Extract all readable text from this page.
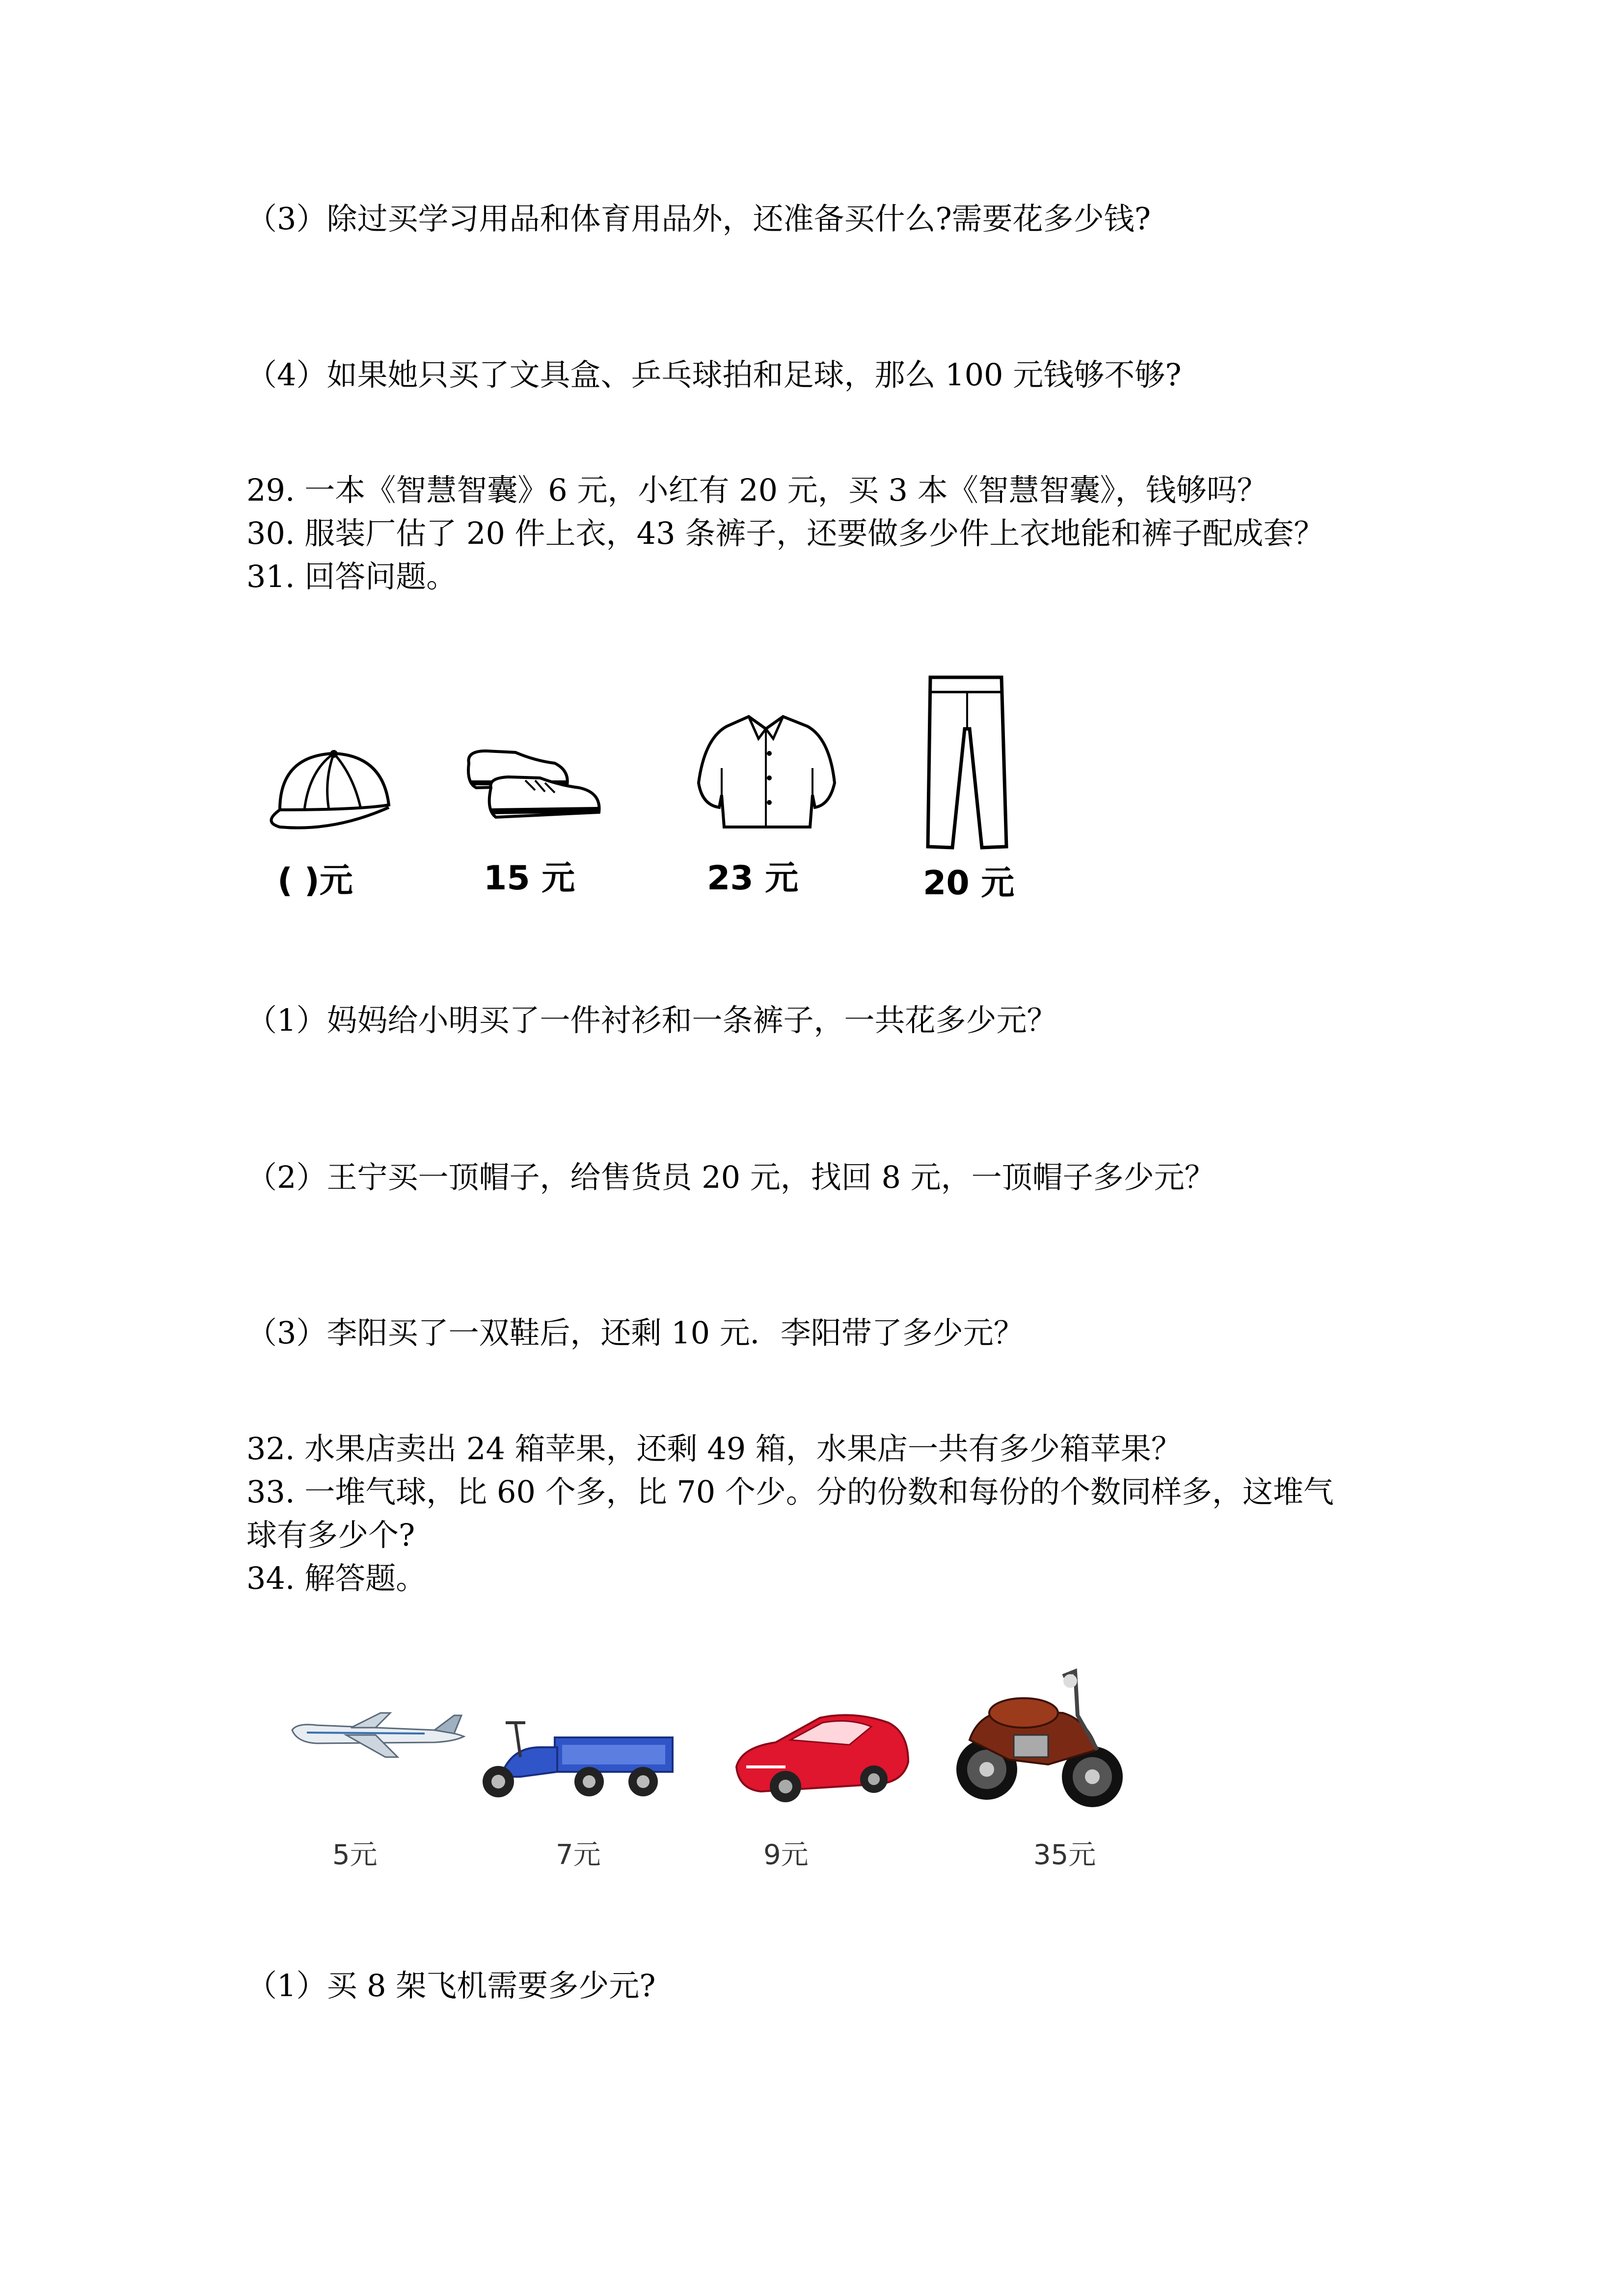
（3）除过买学习用品和体育用品外，还准备买什么?需要花多少钱?
（4）如果她只买了文具盒、乒乓球拍和足球，那么 100 元钱够不够?
29. 一本《智慧智囊》6 元，小红有 20 元，买 3 本《智慧智囊》，钱够吗？
30. 服装厂估了 20 件上衣，43 条裤子，还要做多少件上衣地能和裤子配成套？
31. 回答问题。
( )元	15 元	23 元	20 元
（1）妈妈给小明买了一件衬衫和一条裤子，一共花多少元？
（2）王宁买一顶帽子，给售货员 20 元，找回 8 元，一顶帽子多少元？
（3）李阳买了一双鞋后，还剩 10 元．李阳带了多少元？
32. 水果店卖出 24 箱苹果，还剩 49 箱，水果店一共有多少箱苹果？
33. 一堆气球，比 60 个多，比 70 个少。分的份数和每份的个数同样多，这堆气
球有多少个?
34. 解答题。
5元	7元	9元	35元
（1）买 8 架飞机需要多少元?
